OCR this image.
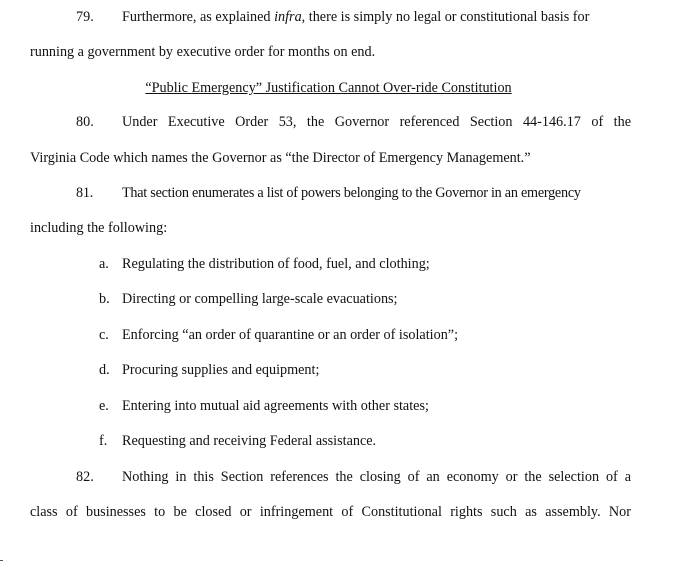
79. Furthermore, as explained infra, there is simply no legal or constitutional basis for
running a government by executive order for months on end.
“Public Emergency” Justification Cannot Over-ride Constitution
80. Under Executive Order 53, the Governor referenced Section 44-146.17 of the
Virginia Code which names the Governor as “the Director of Emergency Management.”
81. That section enumerates a list of powers belonging to the Governor in an emergency
including the following:
a. Regulating the distribution of food, fuel, and clothing;
b. Directing or compelling large-scale evacuations;
c. Enforcing “an order of quarantine or an order of isolation”;
d. Procuring supplies and equipment;
e. Entering into mutual aid agreements with other states;
f. Requesting and receiving Federal assistance.
82. Nothing in this Section references the closing of an economy or the selection of a
class of businesses to be closed or infringement of Constitutional rights such as assembly. Nor
